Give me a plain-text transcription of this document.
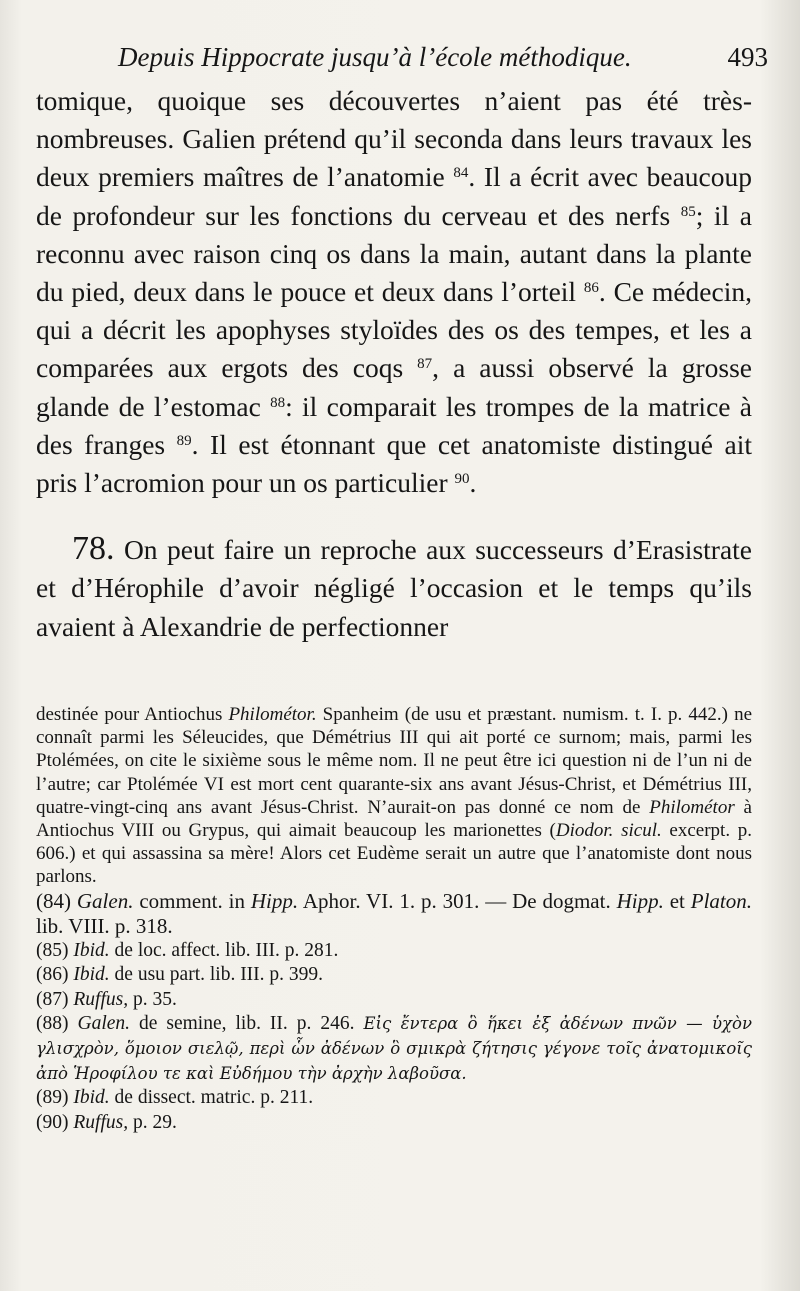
Depuis Hippocrate jusqu’à l’école méthodique.	493

tomique, quoique ses découvertes n’aient pas été très-nombreuses. Galien prétend qu’il seconda dans leurs travaux les deux premiers maîtres de l’anatomie $^{84}$. Il a écrit avec beaucoup de profondeur sur les fonctions du cerveau et des nerfs $^{85}$; il a reconnu avec raison cinq os dans la main, autant dans la plante du pied, deux dans le pouce et deux dans l’orteil $^{86}$. Ce médecin, qui a décrit les apophyses styloïdes des os des tempes, et les a comparées aux ergots des coqs $^{87}$, a aussi observé la grosse glande de l’estomac $^{88}$: il comparait les trompes de la matrice à des franges $^{89}$. Il est étonnant que cet anatomiste distingué ait pris l’acromion pour un os particulier $^{90}$.

78. On peut faire un reproche aux successeurs d’Erasistrate et d’Hérophile d’avoir négligé l’occasion et le temps qu’ils avaient à Alexandrie de perfectionner

destinée pour Antiochus Philométor. Spanheim (de usu et præstant. numism. t. I. p. 442.) ne connaît parmi les Séleucides, que Démétrius III qui ait porté ce surnom; mais, parmi les Ptolémées, on cite le sixième sous le même nom. Il ne peut être ici question ni de l’un ni de l’autre; car Ptolémée VI est mort cent quarante-six ans avant Jésus-Christ, et Démétrius III, quatre-vingt-cinq ans avant Jésus-Christ. N’aurait-on pas donné ce nom de Philométor à Antiochus VIII ou Grypus, qui aimait beaucoup les marionettes (Diodor. sicul. excerpt. p. 606.) et qui assassina sa mère! Alors cet Eudème serait un autre que l’anatomiste dont nous parlons.

(84) Galen. comment. in Hipp. Aphor. VI. 1. p. 301. — De dogmat. Hipp. et Platon. lib. VIII. p. 318.

(85) Ibid. de loc. affect. lib. III. p. 281.

(86) Ibid. de usu part. lib. III. p. 399.

(87) Ruffus, p. 35.

(88) Galen. de semine, lib. II. p. 246. Εἰς ἔντερα ὃ ἥκει ἐξ ἀδένων πνῶν — ὑχὸν γλισχρὸν, ὅμοιον σιελῷ, περὶ ὧν ἀδένων ὃ σμικρὰ ζήτησις γέγονε τοῖς ἀνατομικοῖς ἀπὸ Ἡροφίλου τε καὶ Εὐδήμου τὴν ἀρχὴν λαβοῦσα.

(89) Ibid. de dissect. matric. p. 211.

(90) Ruffus, p. 29.
